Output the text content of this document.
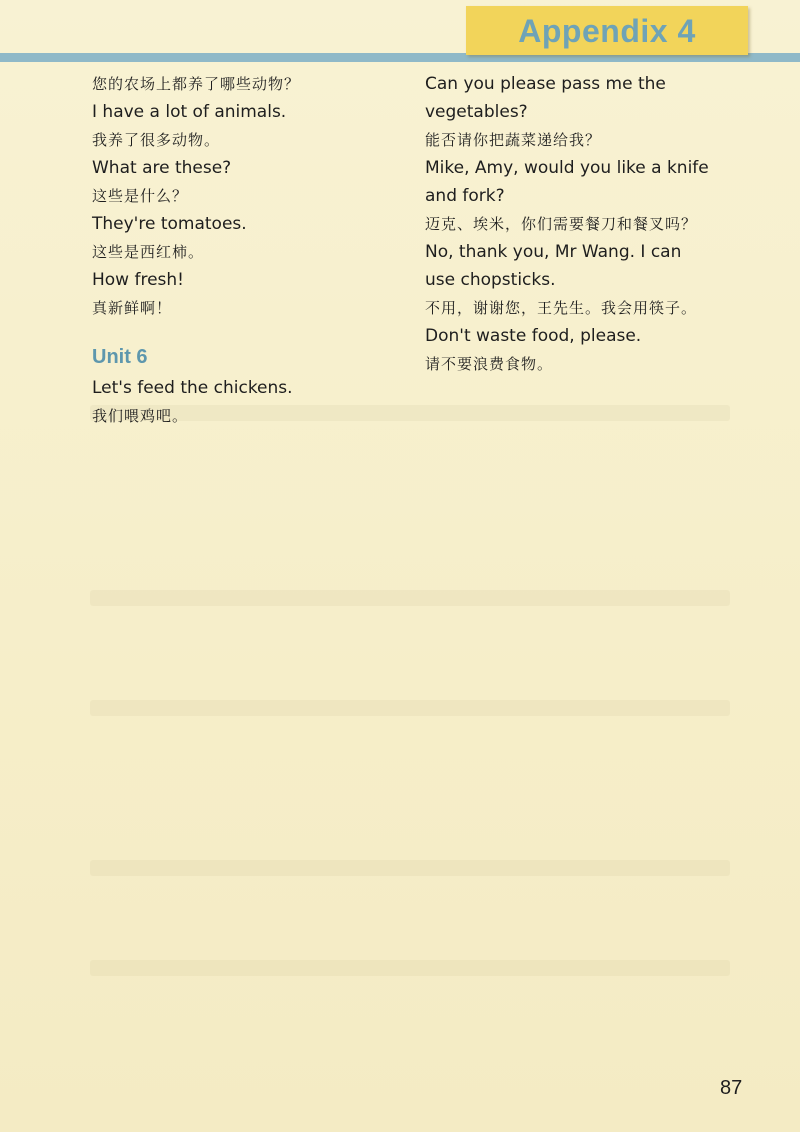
Appendix 4
您的农场上都养了哪些动物？
I have a lot of animals.
我养了很多动物。
What are these?
这些是什么？
They're tomatoes.
这些是西红柿。
How fresh!
真新鲜啊！
Unit 6
Let's feed the chickens.
我们喂鸡吧。
Can you please pass me the
vegetables?
能否请你把蔬菜递给我？
Mike, Amy, would you like a knife
and fork?
迈克、埃米，你们需要餐刀和餐叉吗？
No, thank you, Mr Wang. I can
use chopsticks.
不用，谢谢您，王先生。我会用筷子。
Don't waste food, please.
请不要浪费食物。
87
